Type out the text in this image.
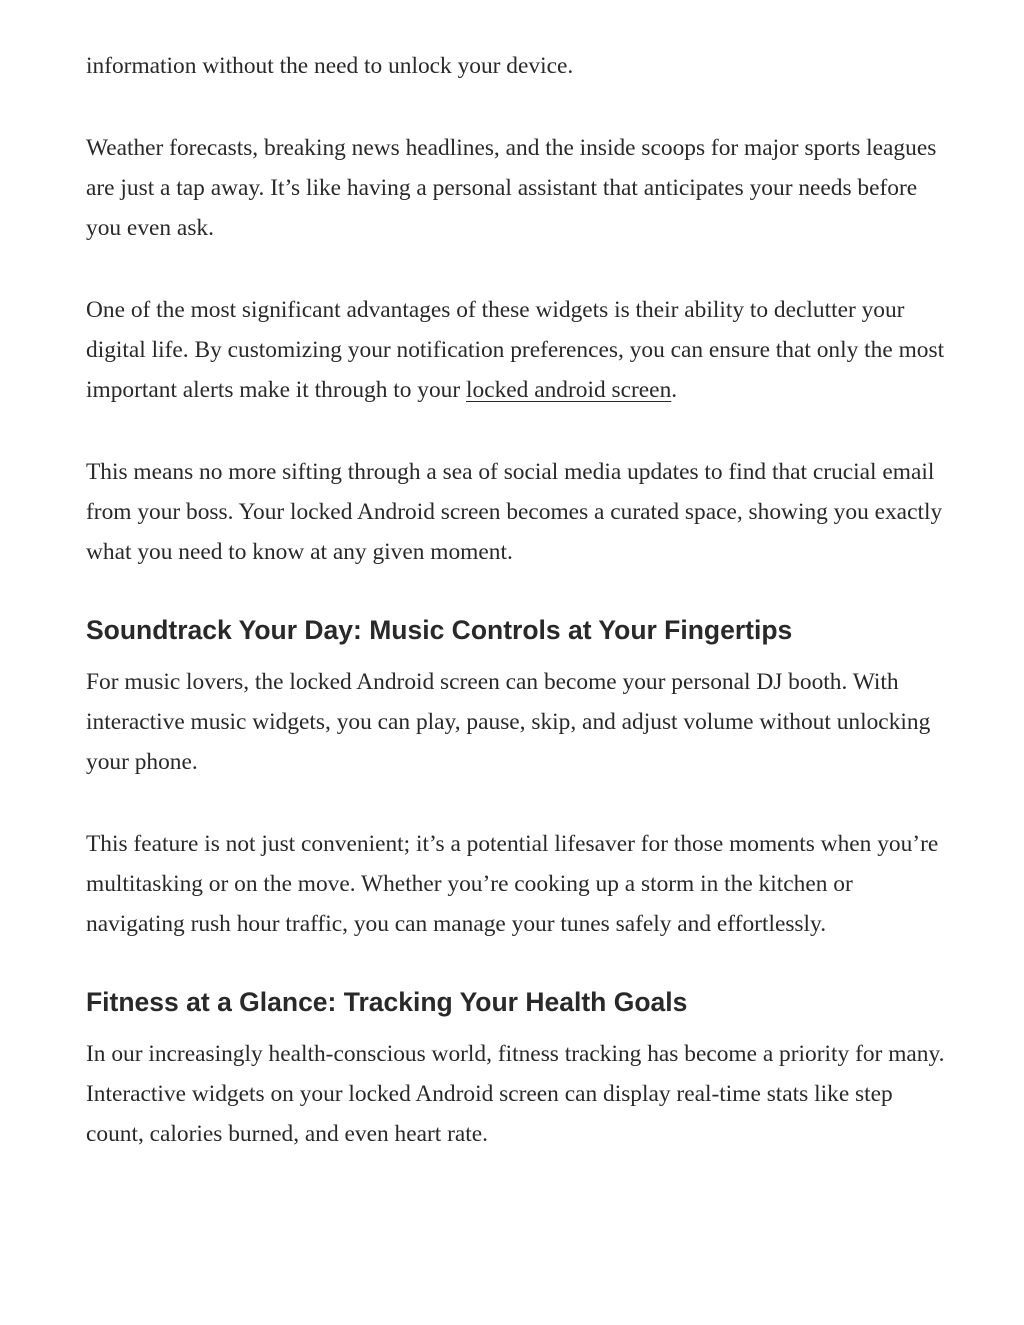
information without the need to unlock your device.

Weather forecasts, breaking news headlines, and the inside scoops for major sports leagues are just a tap away. It’s like having a personal assistant that anticipates your needs before you even ask.

One of the most significant advantages of these widgets is their ability to declutter your digital life. By customizing your notification preferences, you can ensure that only the most important alerts make it through to your locked android screen.

This means no more sifting through a sea of social media updates to find that crucial email from your boss. Your locked Android screen becomes a curated space, showing you exactly what you need to know at any given moment.

Soundtrack Your Day: Music Controls at Your Fingertips

For music lovers, the locked Android screen can become your personal DJ booth. With interactive music widgets, you can play, pause, skip, and adjust volume without unlocking your phone.

This feature is not just convenient; it’s a potential lifesaver for those moments when you’re multitasking or on the move. Whether you’re cooking up a storm in the kitchen or navigating rush hour traffic, you can manage your tunes safely and effortlessly.

Fitness at a Glance: Tracking Your Health Goals

In our increasingly health-conscious world, fitness tracking has become a priority for many. Interactive widgets on your locked Android screen can display real-time stats like step count, calories burned, and even heart rate.
